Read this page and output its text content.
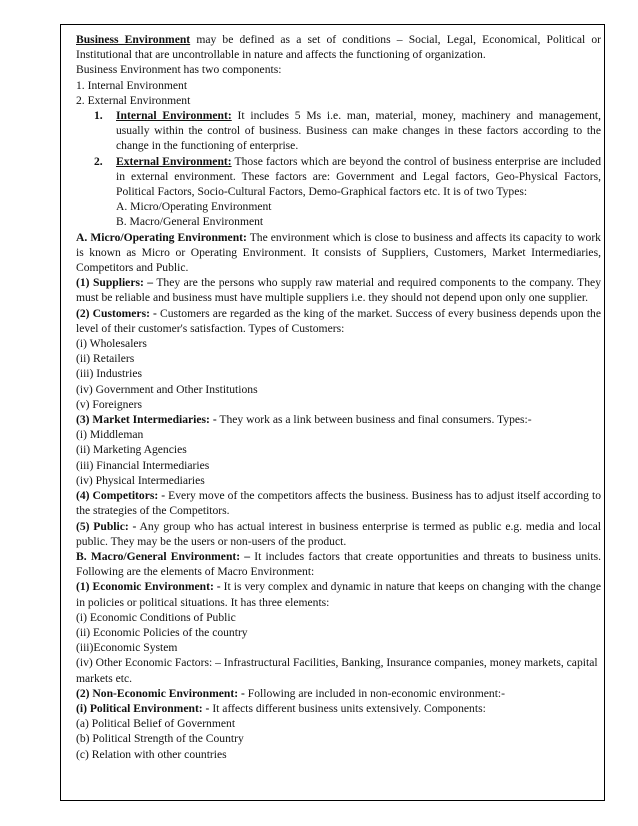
Business Environment may be defined as a set of conditions – Social, Legal, Economical, Political or Institutional that are uncontrollable in nature and affects the functioning of organization.

Business Environment has two components:

1. Internal Environment

2. External Environment

1.	Internal Environment: It includes 5 Ms i.e. man, material, money, machinery and management, usually within the control of business. Business can make changes in these factors according to the change in the functioning of enterprise.
2.	External Environment: Those factors which are beyond the control of business enterprise are included in external environment. These factors are: Government and Legal factors, Geo-Physical Factors, Political Factors, Socio-Cultural Factors, Demo-Graphical factors etc. It is of two Types:

A. Micro/Operating Environment

B. Macro/General Environment

A. Micro/Operating Environment: The environment which is close to business and affects its capacity to work is known as Micro or Operating Environment. It consists of Suppliers, Customers, Market Intermediaries, Competitors and Public.

(1) Suppliers: – They are the persons who supply raw material and required components to the company. They must be reliable and business must have multiple suppliers i.e. they should not depend upon only one supplier.

(2) Customers: - Customers are regarded as the king of the market. Success of every business depends upon the level of their customer's satisfaction. Types of Customers:

(i) Wholesalers

(ii) Retailers

(iii) Industries

(iv) Government and Other Institutions

(v) Foreigners

(3) Market Intermediaries: - They work as a link between business and final consumers. Types:-

(i) Middleman

(ii) Marketing Agencies

(iii) Financial Intermediaries

(iv) Physical Intermediaries

(4) Competitors: - Every move of the competitors affects the business. Business has to adjust itself according to the strategies of the Competitors.

(5) Public: - Any group who has actual interest in business enterprise is termed as public e.g. media and local public. They may be the users or non-users of the product.

B. Macro/General Environment: – It includes factors that create opportunities and threats to business units. Following are the elements of Macro Environment:

(1) Economic Environment: - It is very complex and dynamic in nature that keeps on changing with the change in policies or political situations. It has three elements:

(i) Economic Conditions of Public

(ii) Economic Policies of the country

(iii)Economic System

(iv) Other Economic Factors: – Infrastructural Facilities, Banking, Insurance companies, money markets, capital markets etc.

(2) Non-Economic Environment: - Following are included in non-economic environment:-

(i) Political Environment: - It affects different business units extensively. Components:

(a) Political Belief of Government

(b) Political Strength of the Country

(c) Relation with other countries
